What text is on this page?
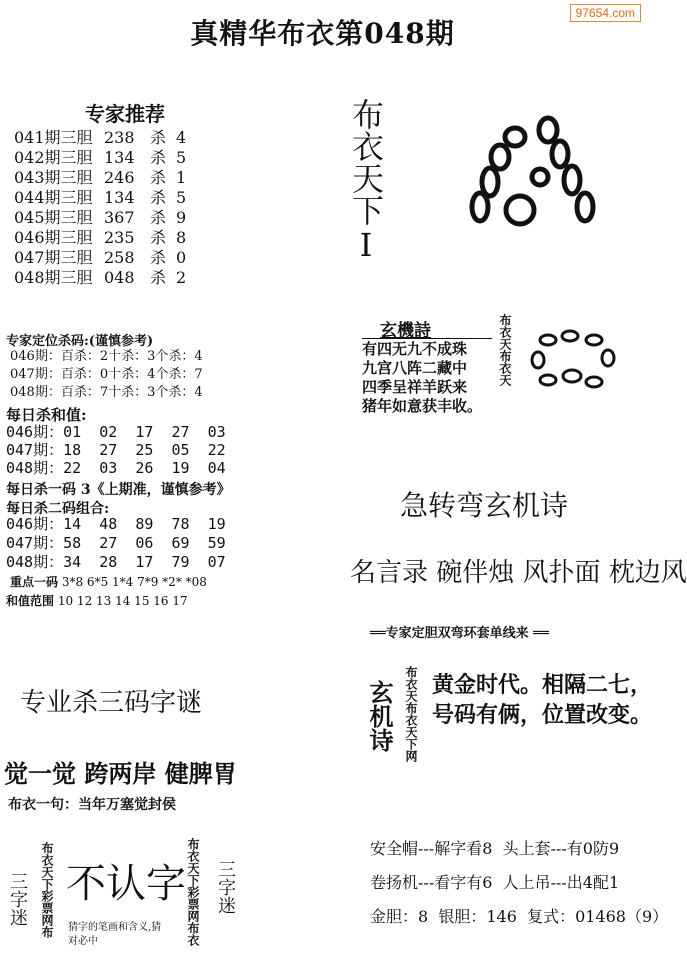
97654.com
真精华布衣第048期
专家推荐
041期三胆 238 杀 4
042期三胆 134 杀 5
043期三胆 246 杀 1
044期三胆 134 杀 5
045期三胆 367 杀 9
046期三胆 235 杀 8
047期三胆 258 杀 0
048期三胆 048 杀 2
专家定位杀码:(谨慎参考)
046期：百杀：2十杀：3个杀：4
047期：百杀：0十杀：4个杀：7
048期：百杀：7十杀：3个杀：4
每日杀和值:
046期：01  02  17  27  03
047期：18  27  25  05  22
048期：22  03  26  19  04
每日杀一码 3《上期准，谨慎参考》
每日杀二码组合:
046期：14  48  89  78  19
047期：58  27  06  69  59
048期：34  28  17  79  07
重点一码 3*8 6*5 1*4 7*9 *2* *08
和值范围 10 12 13 14 15 16 17
布衣天下I
玄機詩
有四无九不成珠
九宫八阵二藏中
四季呈祥羊跃来
猪年如意获丰收。
布衣天布衣天
急转弯玄机诗
名言录 碗伴烛 风扑面 枕边风
══专家定胆双弯环套单线来 ══
专业杀三码字谜
觉一觉 跨两岸 健脾胃
布衣一句：当年万塞觉封侯
玄机诗 布衣天布衣天下网 黄金时代。相隔二七，
号码有俩，位置改变。
三字迷 布衣天下彩票网布 不认字
猜字的笔画和含义,猜
对必中	布衣天下彩票网布衣 三字迷
安全帽---解字看8  头上套---有0防9
卷扬机---看字有6  人上吊---出4配1
金胆：8  银胆：146  复式：01468（9）
